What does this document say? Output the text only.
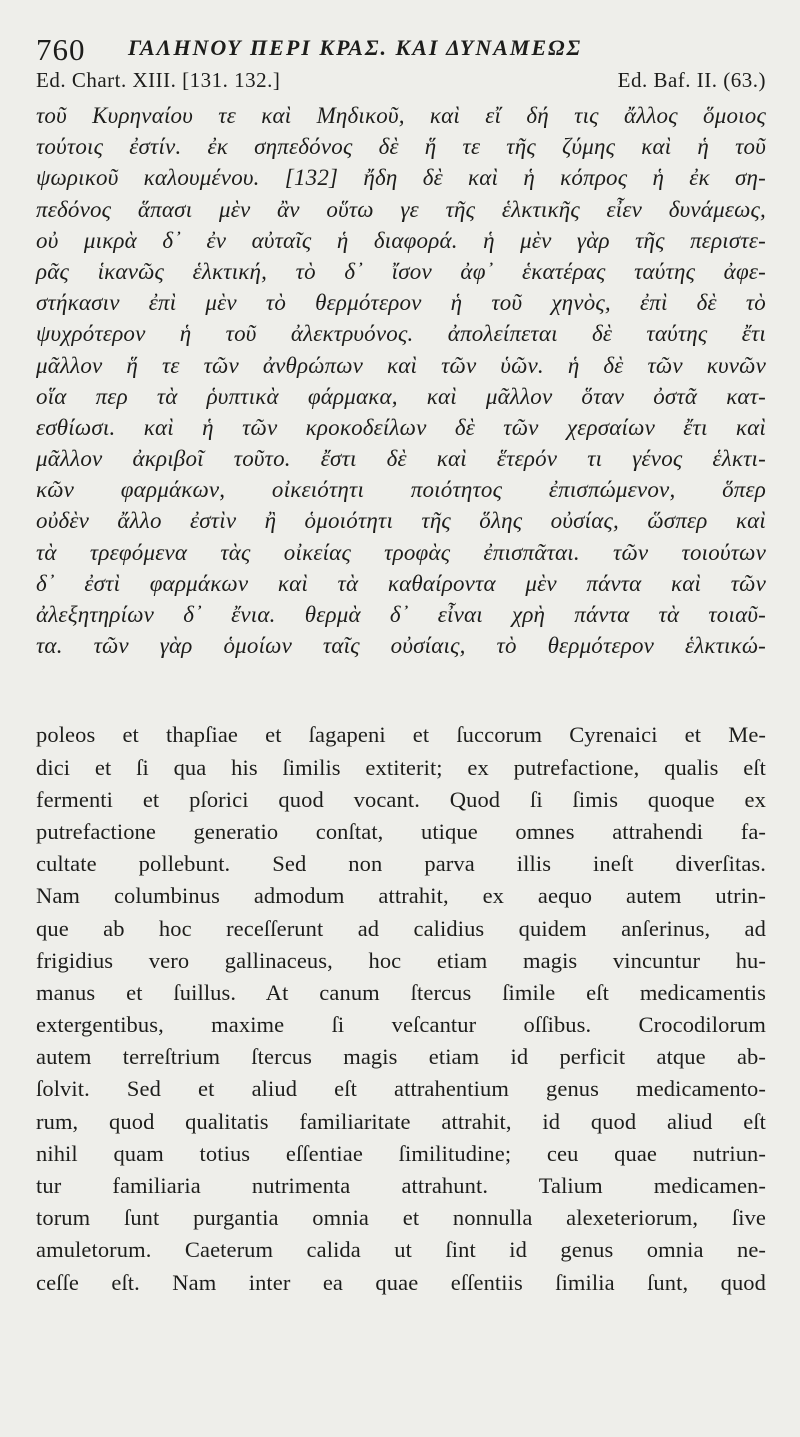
760 ΓΑΛΗΝΟΥ ΠΕΡΙ ΚΡΑΣ. ΚΑΙ ΔΥΝΑΜΕΩΣ
Ed. Chart. XIII. [131. 132.]	Ed. Baf. II. (63.)
τοῦ Κυρηναίου τε καὶ Μηδικοῦ, καὶ εἴ δή τις ἄλλος ὅμοιος
τούτοις ἐστίν. ἐκ σηπεδόνος δὲ ἥ τε τῆς ζύμης καὶ ἡ τοῦ
ψωρικοῦ καλουμένου. [132] ἤδη δὲ καὶ ἡ κόπρος ἡ ἐκ ση-
πεδόνος ἅπασι μὲν ἂν οὕτω γε τῆς ἑλκτικῆς εἶεν δυνάμεως,
οὐ μικρὰ δ᾽ ἐν αὐταῖς ἡ διαφορά. ἡ μὲν γὰρ τῆς περιστε-
ρᾶς ἱκανῶς ἑλκτική, τὸ δ᾽ ἴσον ἀφ᾽ ἑκατέρας ταύτης ἀφε-
στήκασιν ἐπὶ μὲν τὸ θερμότερον ἡ τοῦ χηνὸς, ἐπὶ δὲ τὸ
ψυχρότερον ἡ τοῦ ἀλεκτρυόνος. ἀπολείπεται δὲ ταύτης ἔτι
μᾶλλον ἥ τε τῶν ἀνθρώπων καὶ τῶν ὑῶν. ἡ δὲ τῶν κυνῶν
οἵα περ τὰ ῥυπτικὰ φάρμακα, καὶ μᾶλλον ὅταν ὀστᾶ κατ-
εσθίωσι. καὶ ἡ τῶν κροκοδείλων δὲ τῶν χερσαίων ἔτι καὶ
μᾶλλον ἀκριβοῖ τοῦτο. ἔστι δὲ καὶ ἕτερόν τι γένος ἑλκτι-
κῶν φαρμάκων, οἰκειότητι ποιότητος ἐπισπώμενον, ὅπερ
οὐδὲν ἄλλο ἐστὶν ἢ ὁμοιότητι τῆς ὅλης οὐσίας, ὥσπερ καὶ
τὰ τρεφόμενα τὰς οἰκείας τροφὰς ἐπισπᾶται. τῶν τοιούτων
δ᾽ ἐστὶ φαρμάκων καὶ τὰ καθαίροντα μὲν πάντα καὶ τῶν
ἀλεξητηρίων δ᾽ ἔνια. θερμὰ δ᾽ εἶναι χρὴ πάντα τὰ τοιαῦ-
τα. τῶν γὰρ ὁμοίων ταῖς οὐσίαις, τὸ θερμότερον ἑλκτικώ-
poleos et thapſiae et ſagapeni et ſuccorum Cyrenaici et Me-
dici et ſi qua his ſimilis extiterit; ex putrefactione, qualis eſt
fermenti et pſorici quod vocant. Quod ſi ſimis quoque ex
putrefactione generatio conſtat, utique omnes attrahendi fa-
cultate pollebunt. Sed non parva illis ineſt diverſitas.
Nam columbinus admodum attrahit, ex aequo autem utrin-
que ab hoc receſſerunt ad calidius quidem anſerinus, ad
frigidius vero gallinaceus, hoc etiam magis vincuntur hu-
manus et ſuillus. At canum ſtercus ſimile eſt medicamentis
extergentibus, maxime ſi veſcantur oſſibus. Crocodilorum
autem terreſtrium ſtercus magis etiam id perficit atque ab-
ſolvit. Sed et aliud eſt attrahentium genus medicamento-
rum, quod qualitatis familiaritate attrahit, id quod aliud eſt
nihil quam totius eſſentiae ſimilitudine; ceu quae nutriun-
tur familiaria nutrimenta attrahunt. Talium medicamen-
torum ſunt purgantia omnia et nonnulla alexeteriorum, ſive
amuletorum. Caeterum calida ut ſint id genus omnia ne-
ceſſe eſt. Nam inter ea quae eſſentiis ſimilia ſunt, quod
